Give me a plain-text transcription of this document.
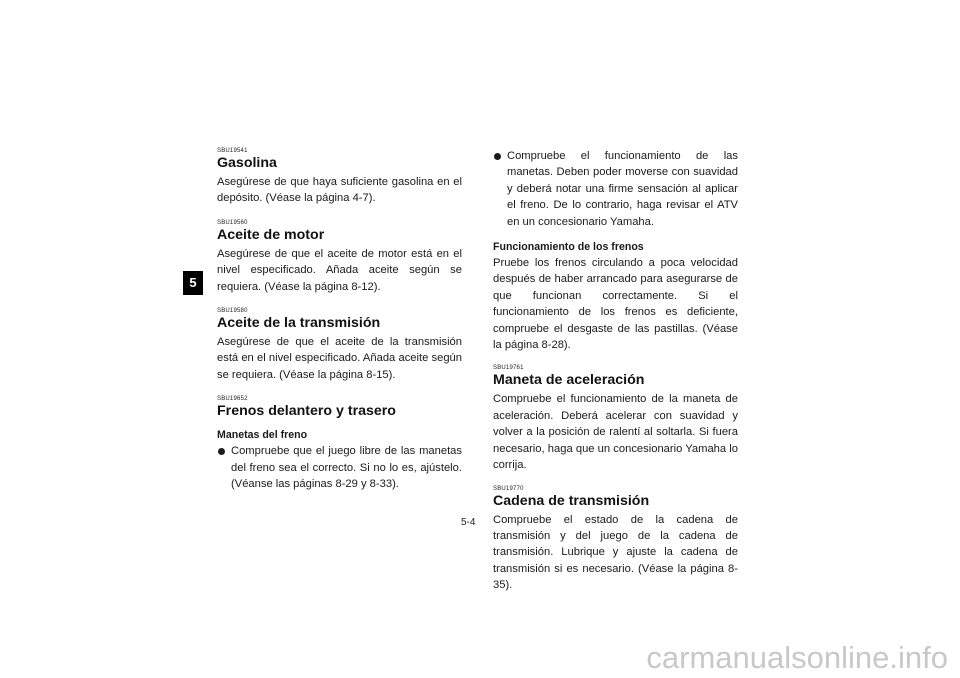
5

SBU19541

Gasolina

Asegúrese de que haya suficiente gasolina en el depósito. (Véase la página 4-7).

SBU19560

Aceite de motor

Asegúrese de que el aceite de motor está en el nivel especificado. Añada aceite según se requiera. (Véase la página 8-12).

SBU19580

Aceite de la transmisión

Asegúrese de que el aceite de la transmisión está en el nivel especificado. Añada aceite según se requiera. (Véase la página 8-15).

SBU19652

Frenos delantero y trasero

Manetas del freno

Compruebe que el juego libre de las manetas del freno sea el correcto. Si no lo es, ajústelo. (Véanse las páginas 8-29 y 8-33).
Compruebe el funcionamiento de las manetas. Deben poder moverse con suavidad y deberá notar una firme sensación al aplicar el freno. De lo contrario, haga revisar el ATV en un concesionario Yamaha.

Funcionamiento de los frenos

Pruebe los frenos circulando a poca velocidad después de haber arrancado para asegurarse de que funcionan correctamente. Si el funcionamiento de los frenos es deficiente, compruebe el desgaste de las pastillas. (Véase la página 8-28).

SBU19761

Maneta de aceleración

Compruebe el funcionamiento de la maneta de aceleración. Deberá acelerar con suavidad y volver a la posición de ralentí al soltarla. Si fuera necesario, haga que un concesionario Yamaha lo corrija.

SBU19770

Cadena de transmisión

Compruebe el estado de la cadena de transmisión y del juego de la cadena de transmisión. Lubrique y ajuste la cadena de transmisión si es necesario. (Véase la página 8-35).

5-4
carmanualsonline.info
